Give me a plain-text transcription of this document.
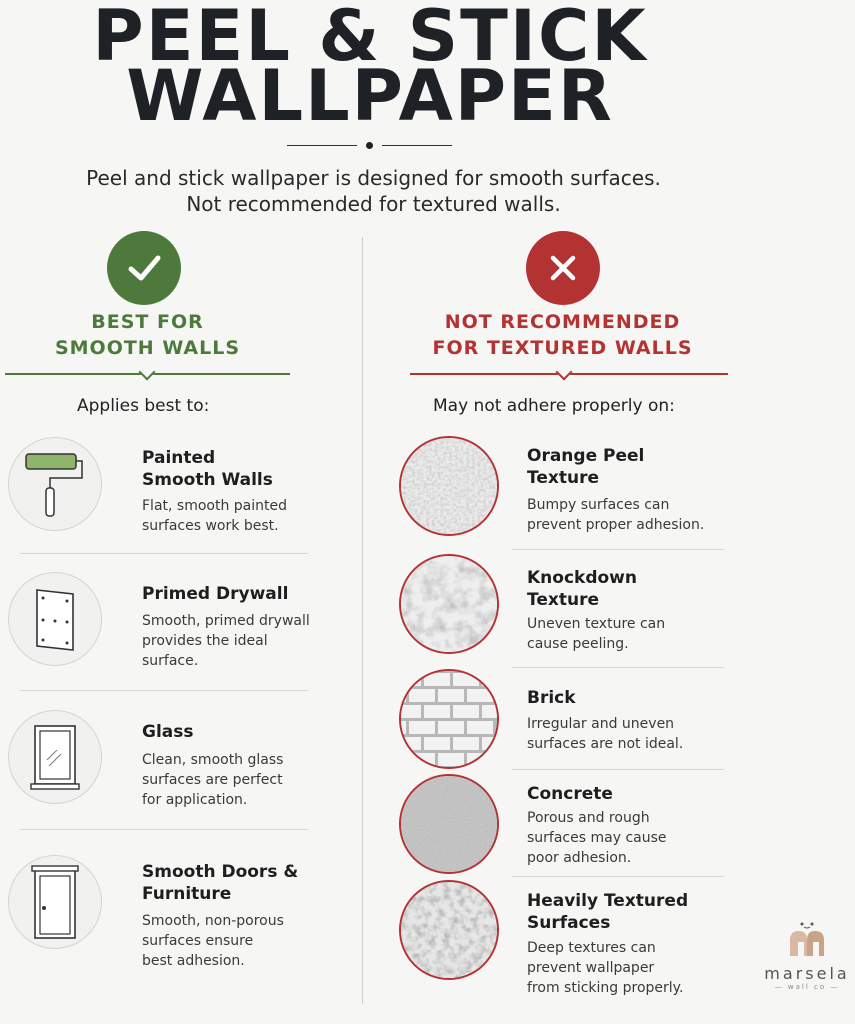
PEEL & STICK
WALLPAPER
Peel and stick wallpaper is designed for smooth surfaces.
Not recommended for textured walls.
BEST FOR
SMOOTH WALLS
Applies best to:
NOT RECOMMENDED
FOR TEXTURED WALLS
May not adhere properly on:
Painted
Smooth Walls
Flat, smooth painted
surfaces work best.
Primed Drywall
Smooth, primed drywall
provides the ideal
surface.
Glass
Clean, smooth glass
surfaces are perfect
for application.
Smooth Doors &
Furniture
Smooth, non-porous
surfaces ensure
best adhesion.
Orange Peel
Texture
Bumpy surfaces can
prevent proper adhesion.
Knockdown
Texture
Uneven texture can
cause peeling.
Brick
Irregular and uneven
surfaces are not ideal.
Concrete
Porous and rough
surfaces may cause
poor adhesion.
Heavily Textured
Surfaces
Deep textures can
prevent wallpaper
from sticking properly.
marsela
— wall co —
